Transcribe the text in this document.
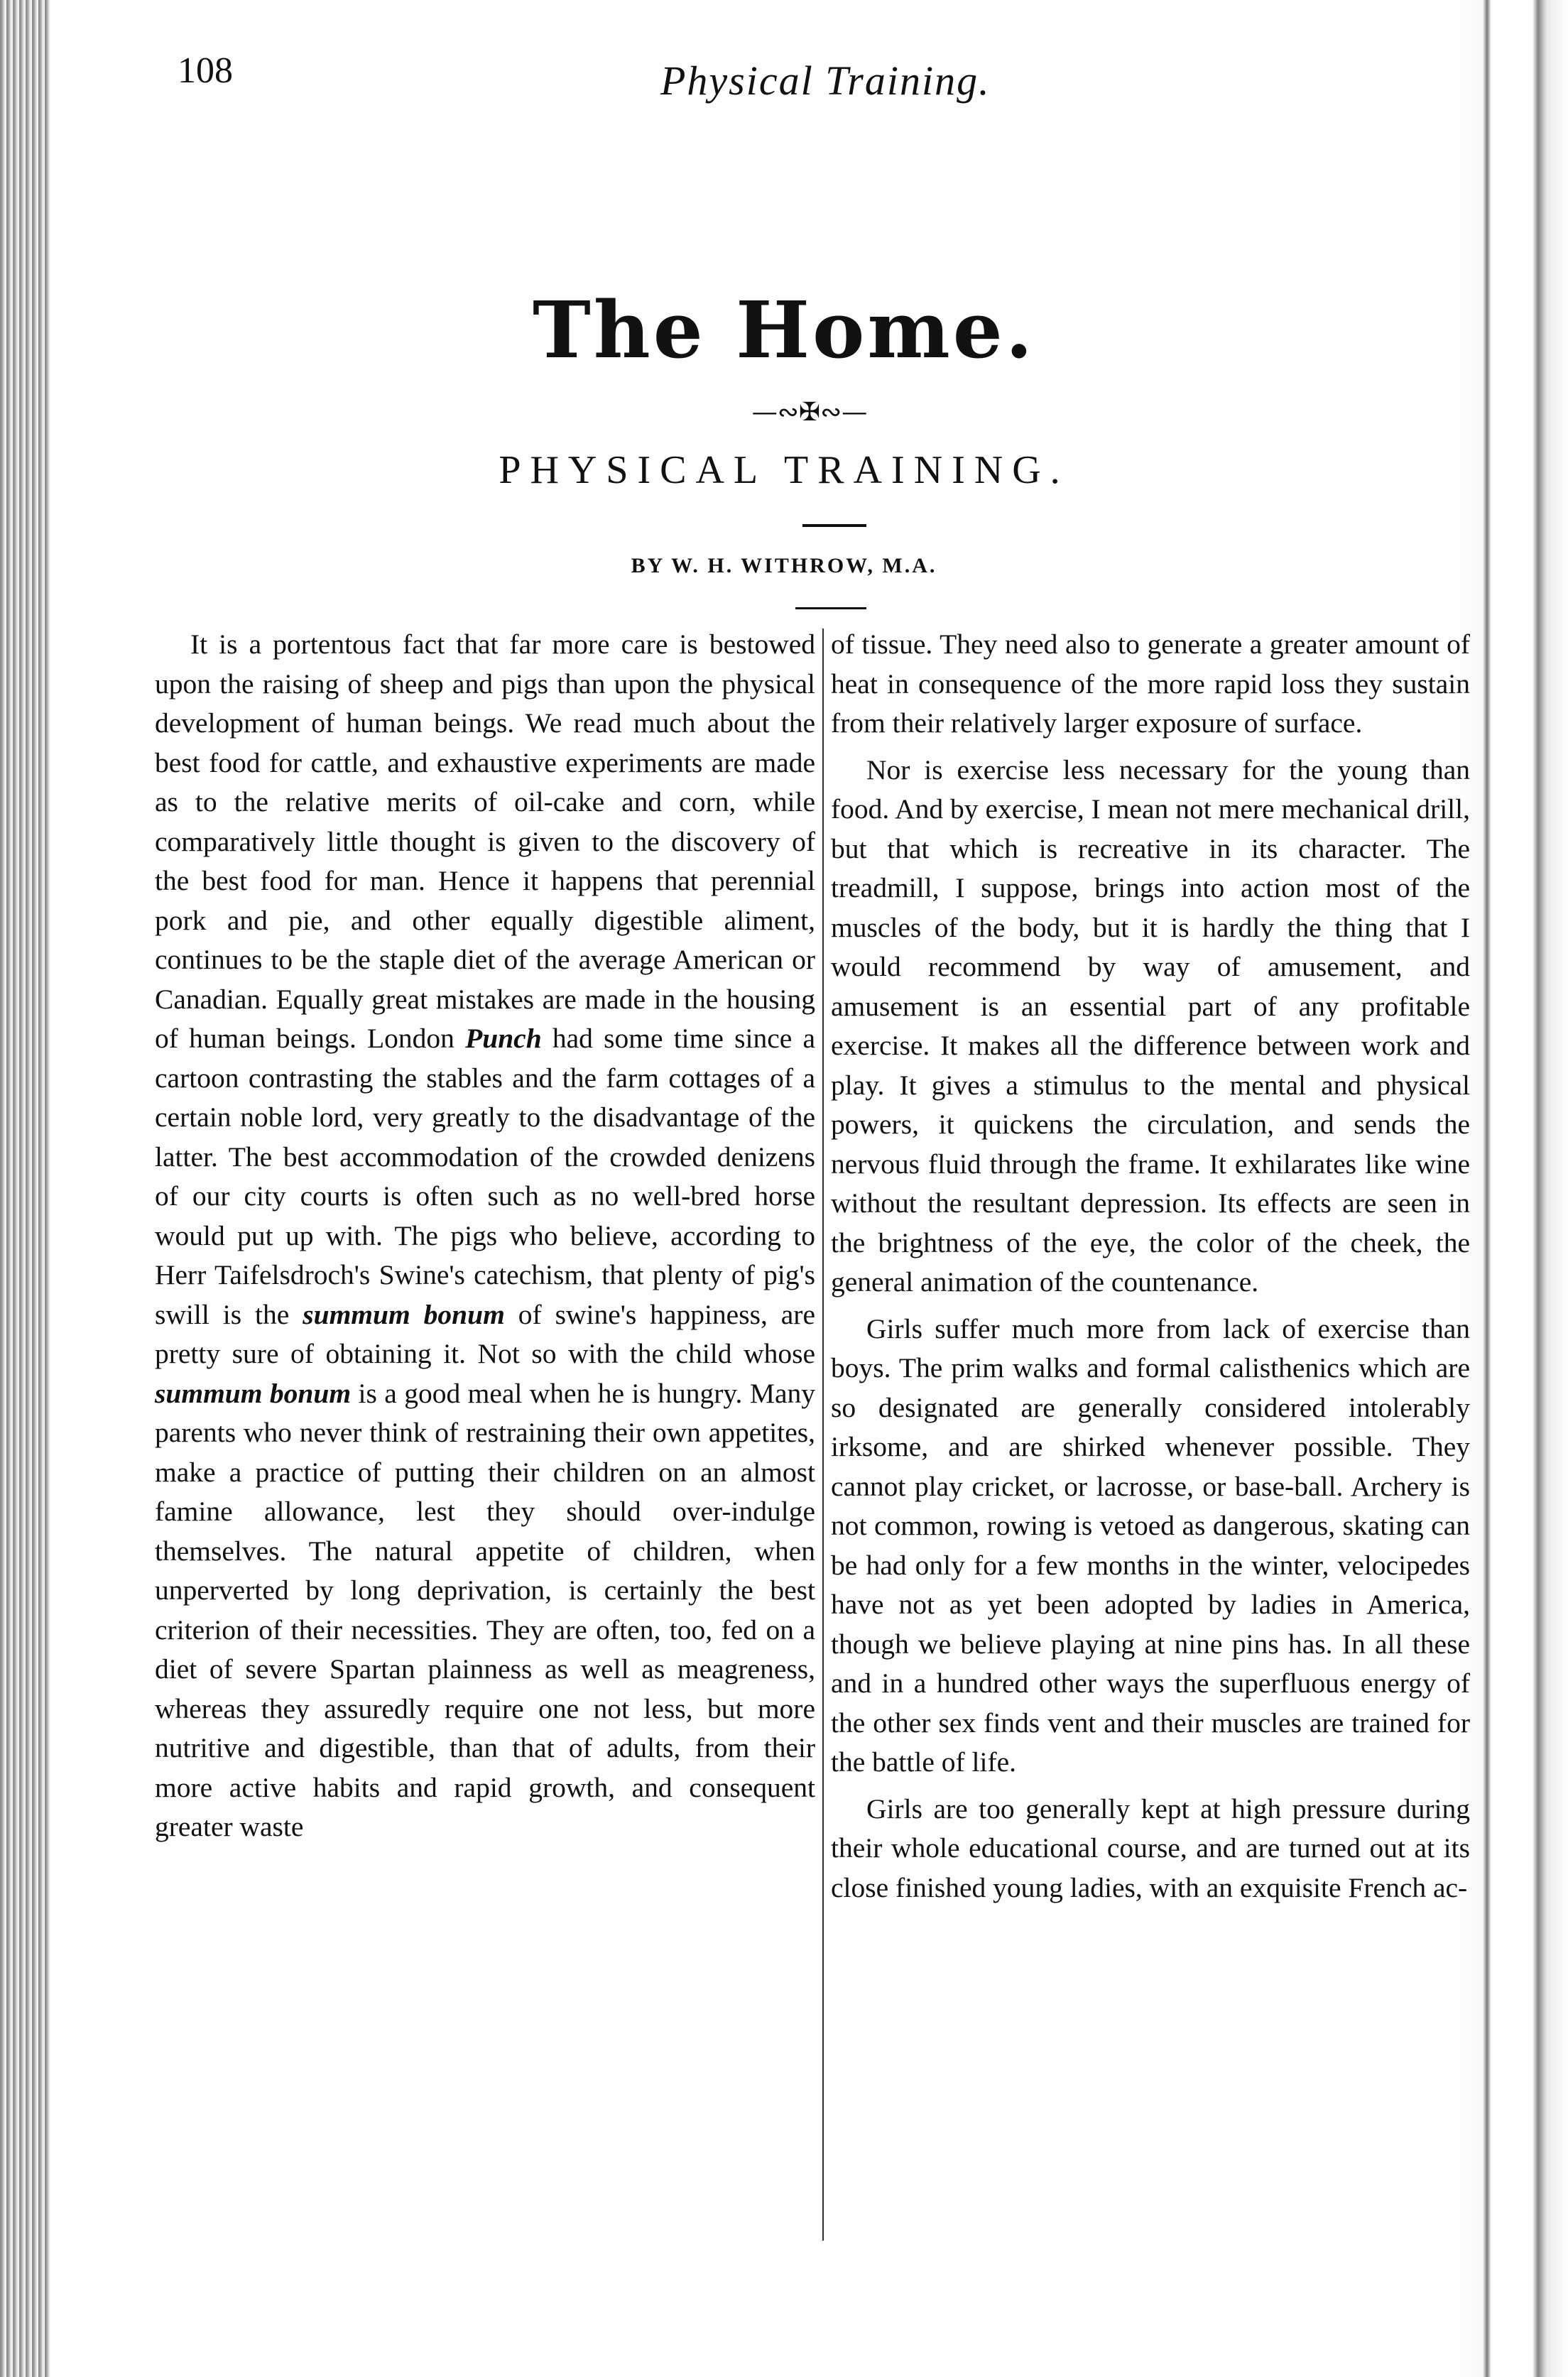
108	Physical Training.
The Home.
—∾✠∾—
PHYSICAL TRAINING.
BY W. H. WITHROW, M.A.

It is a portentous fact that far more care is bestowed upon the raising of sheep and pigs than upon the physical development of human beings. We read much about the best food for cattle, and exhaustive experiments are made as to the relative merits of oil-cake and corn, while comparatively little thought is given to the discovery of the best food for man. Hence it happens that perennial pork and pie, and other equally digestible aliment, continues to be the staple diet of the average American or Canadian. Equally great mistakes are made in the housing of human beings. London Punch had some time since a cartoon contrasting the stables and the farm cottages of a certain noble lord, very greatly to the disadvantage of the latter. The best accommodation of the crowded denizens of our city courts is often such as no well-bred horse would put up with. The pigs who believe, according to Herr Taifelsdroch's Swine's catechism, that plenty of pig's swill is the summum bonum of swine's happiness, are pretty sure of obtaining it. Not so with the child whose summum bonum is a good meal when he is hungry. Many parents who never think of restraining their own appetites, make a practice of putting their children on an almost famine allowance, lest they should over-indulge themselves. The natural appetite of children, when unperverted by long deprivation, is certainly the best criterion of their necessities. They are often, too, fed on a diet of severe Spartan plainness as well as meagreness, whereas they assuredly require one not less, but more nutritive and digestible, than that of adults, from their more active habits and rapid growth, and consequent greater waste

of tissue. They need also to generate a greater amount of heat in consequence of the more rapid loss they sustain from their relatively larger exposure of surface.

Nor is exercise less necessary for the young than food. And by exercise, I mean not mere mechanical drill, but that which is recreative in its character. The treadmill, I suppose, brings into action most of the muscles of the body, but it is hardly the thing that I would recommend by way of amusement, and amusement is an essential part of any profitable exercise. It makes all the difference between work and play. It gives a stimulus to the mental and physical powers, it quickens the circulation, and sends the nervous fluid through the frame. It exhilarates like wine without the resultant depression. Its effects are seen in the brightness of the eye, the color of the cheek, the general animation of the countenance.

Girls suffer much more from lack of exercise than boys. The prim walks and formal calisthenics which are so designated are generally considered intolerably irksome, and are shirked whenever possible. They cannot play cricket, or lacrosse, or base-ball. Archery is not common, rowing is vetoed as dangerous, skating can be had only for a few months in the winter, velocipedes have not as yet been adopted by ladies in America, though we believe playing at nine pins has. In all these and in a hundred other ways the superfluous energy of the other sex finds vent and their muscles are trained for the battle of life.

Girls are too generally kept at high pressure during their whole educational course, and are turned out at its close finished young ladies, with an exquisite French ac-
